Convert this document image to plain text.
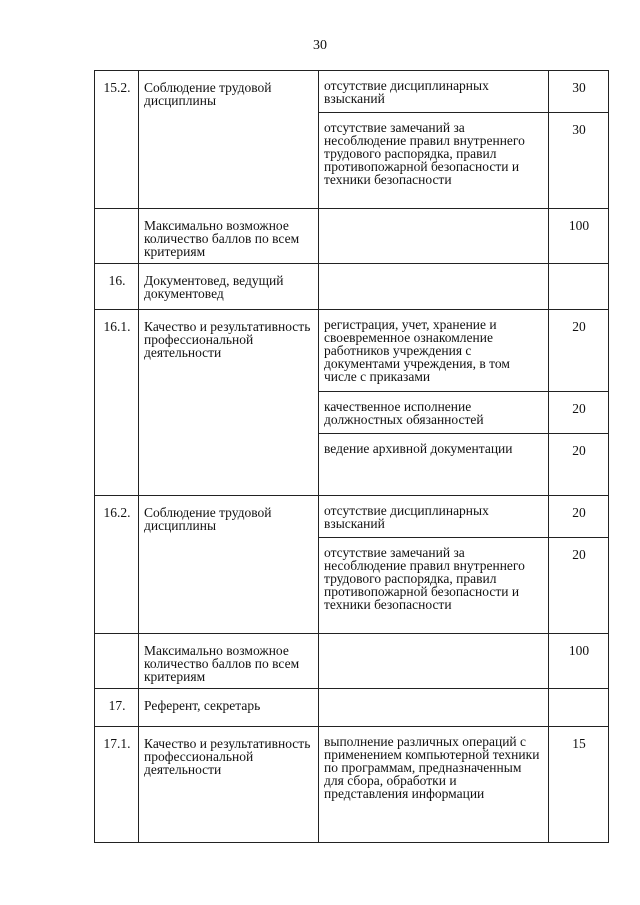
30
15.2.	Соблюдение трудовой дисциплины	отсутствие дисциплинарных взысканий	30
		отсутствие замечаний за несоблюдение правил внутреннего трудового распорядка, правил противопожарной безопасности и техники безопасности	30
	Максимально возможное количество баллов по всем критериям		100
16.	Документовед, ведущий документовед		
16.1.	Качество и результативность профессиональной деятельности	регистрация, учет, хранение и своевременное ознакомление работников учреждения с документами учреждения, в том числе с приказами	20
		качественное исполнение должностных обязанностей	20
		ведение архивной документации	20
16.2.	Соблюдение трудовой дисциплины	отсутствие дисциплинарных взысканий	20
		отсутствие замечаний за несоблюдение правил внутреннего трудового распорядка, правил противопожарной безопасности и техники безопасности	20
	Максимально возможное количество баллов по всем критериям		100
17.	Референт, секретарь		
17.1.	Качество и результативность профессиональной деятельности	выполнение различных операций с применением компьютерной техники по программам, предназначенным для сбора, обработки и представления информации	15
